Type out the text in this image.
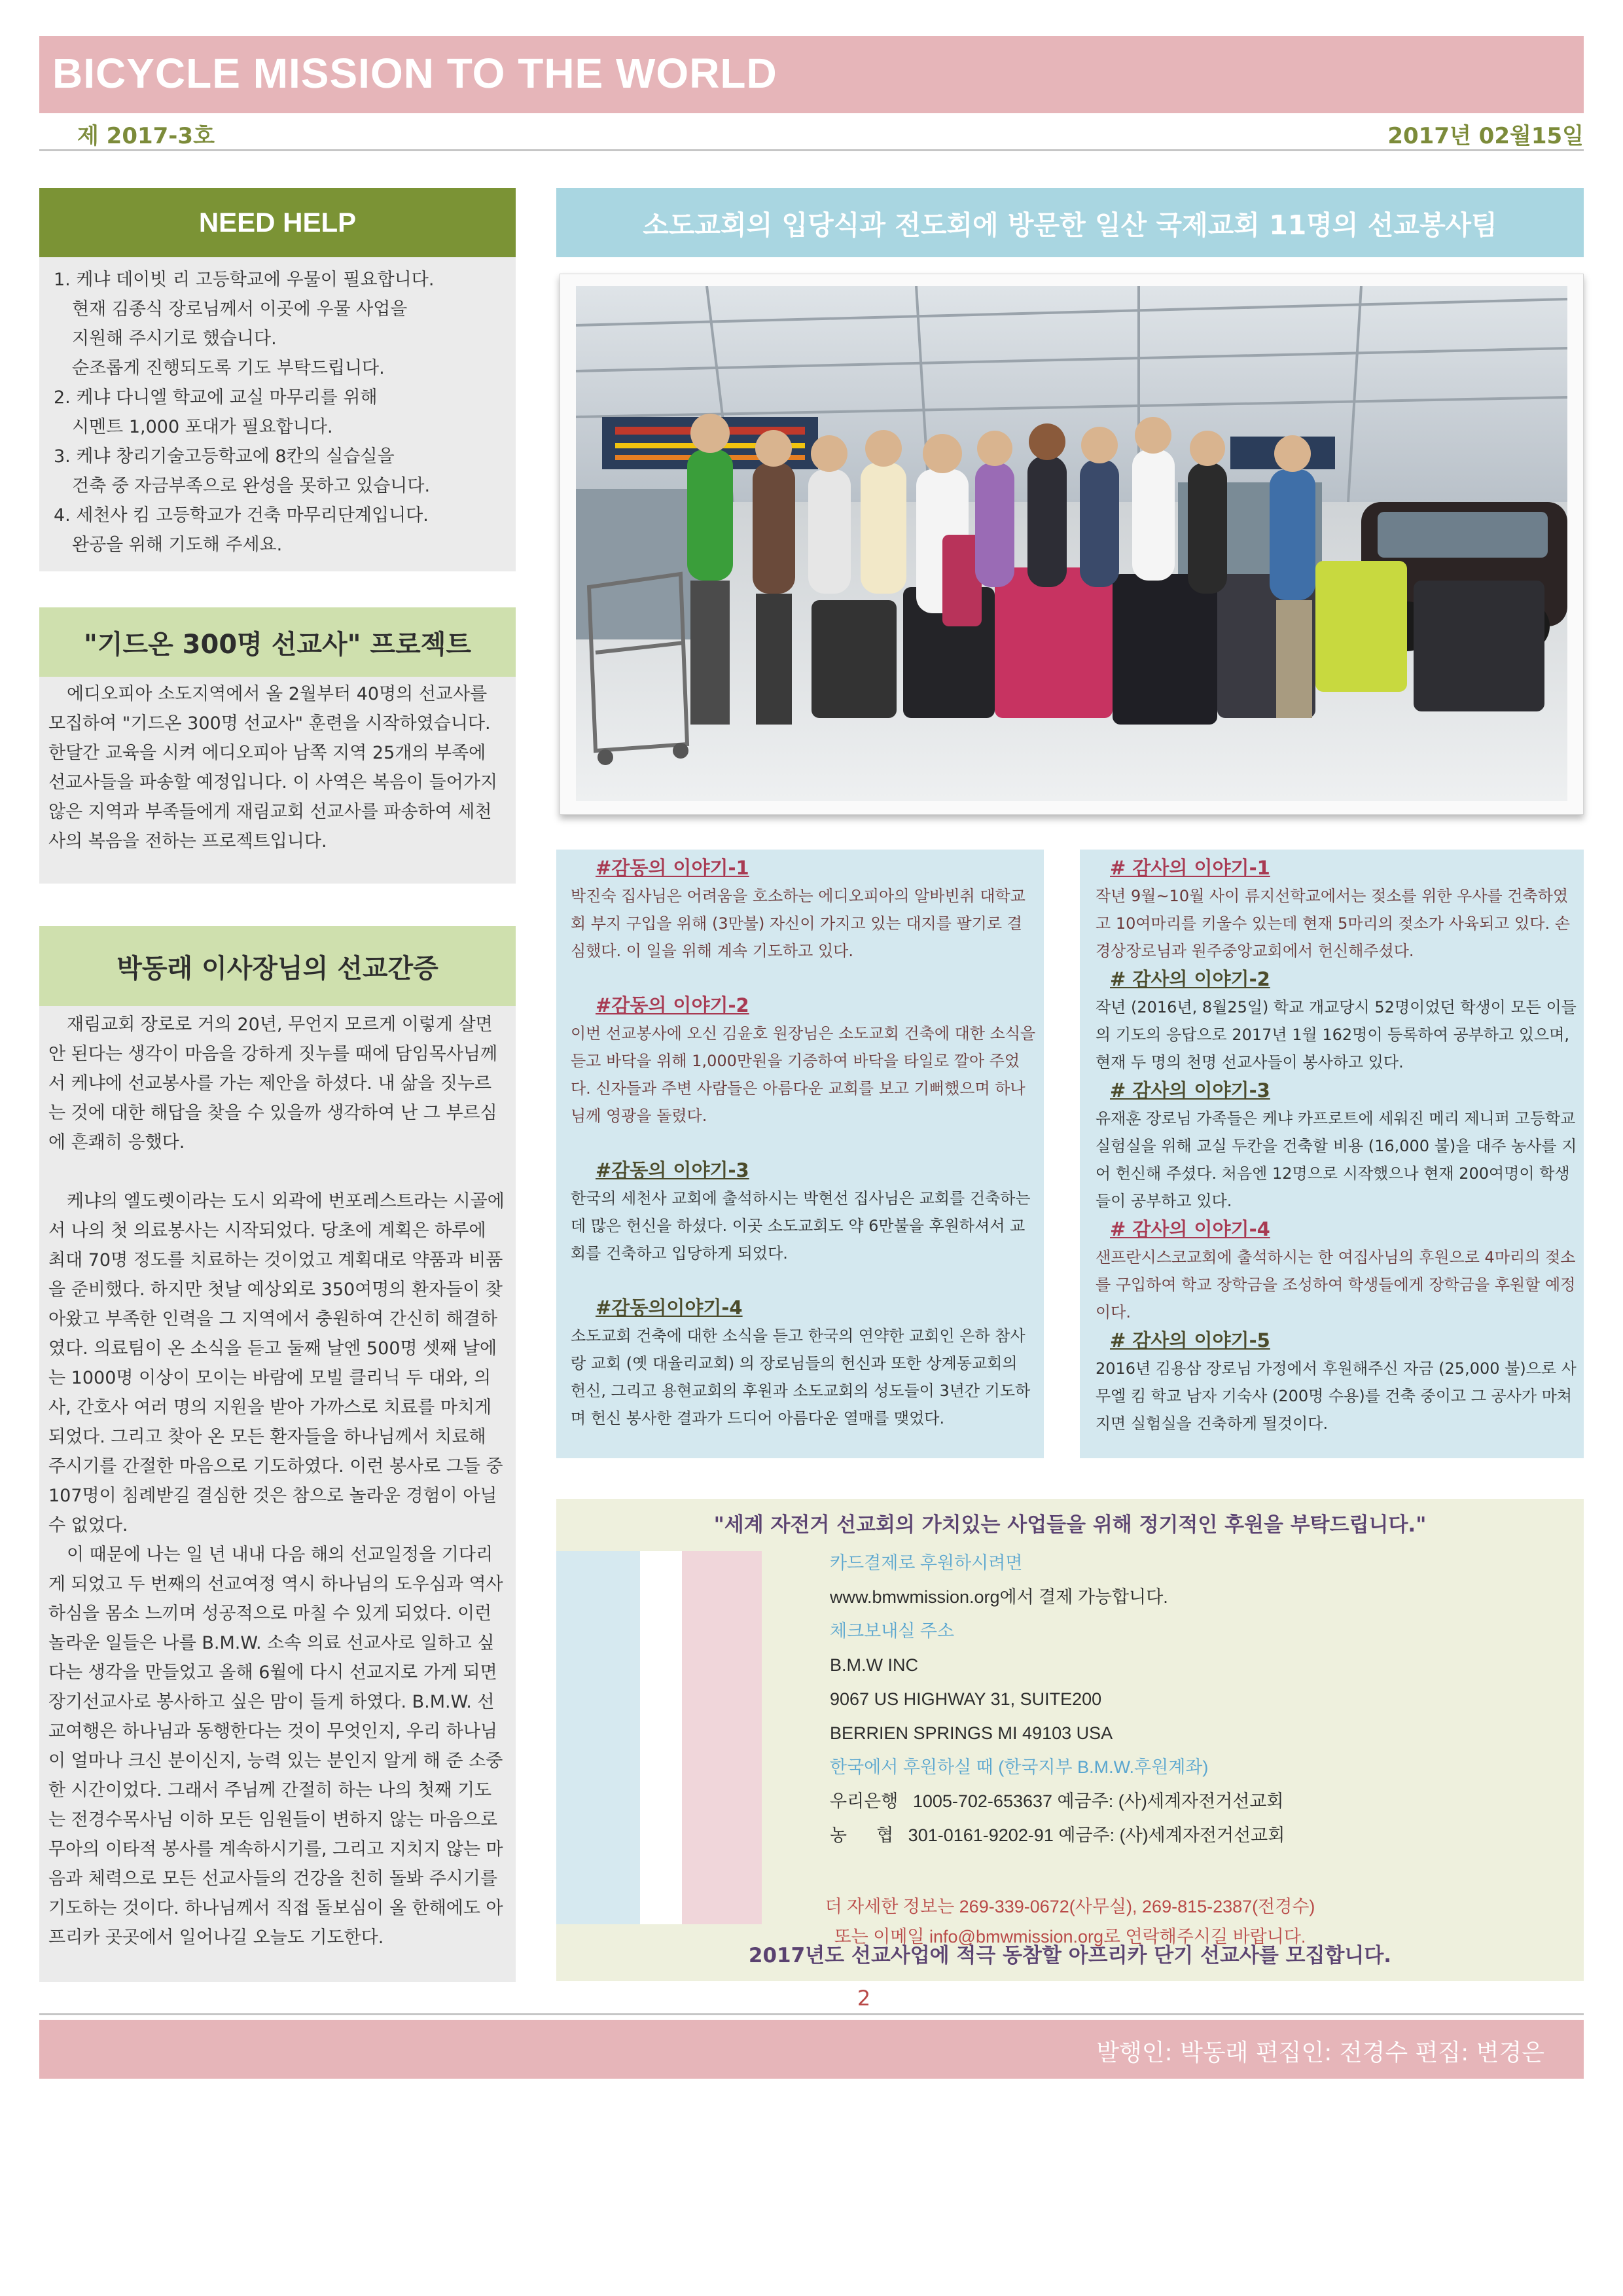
BICYCLE MISSION TO THE WORLD
제 2017-3호	2017년 02월15일
NEED HELP
1. 케냐 데이빗 리 고등학교에 우물이 필요합니다.
현재 김종식 장로님께서 이곳에 우물 사업을
지원해 주시기로 했습니다.
순조롭게 진행되도록 기도 부탁드립니다.
2. 케냐 다니엘 학교에 교실 마무리를 위해
시멘트 1,000 포대가 필요합니다.
3. 케냐 창리기술고등학교에 8칸의 실습실을
건축 중 자금부족으로 완성을 못하고 있습니다.
4. 세천사 킴 고등학교가 건축 마무리단계입니다.
완공을 위해 기도해 주세요.
"기드온 300명 선교사" 프로젝트

에디오피아 소도지역에서 올 2월부터 40명의 선교사를 모집하여 "기드온 300명 선교사" 훈련을 시작하였습니다. 한달간 교육을 시켜 에디오피아 남쪽 지역 25개의 부족에 선교사들을 파송할 예정입니다. 이 사역은 복음이 들어가지 않은 지역과 부족들에게 재림교회 선교사를 파송하여 세천사의 복음을 전하는 프로젝트입니다.

박동래 이사장님의 선교간증

재림교회 장로로 거의 20년, 무언지 모르게 이렇게 살면 안 된다는 생각이 마음을 강하게 짓누를 때에 담임목사님께서 케냐에 선교봉사를 가는 제안을 하셨다. 내 삶을 짓누르는 것에 대한 해답을 찾을 수 있을까 생각하여 난 그 부르심에 흔쾌히 응했다.

케냐의 엘도렛이라는 도시 외곽에 번포레스트라는 시골에서 나의 첫 의료봉사는 시작되었다. 당초에 계획은 하루에 최대 70명 정도를 치료하는 것이었고 계획대로 약품과 비품을 준비했다. 하지만 첫날 예상외로 350여명의 환자들이 찾아왔고 부족한 인력을 그 지역에서 충원하여 간신히 해결하였다. 의료팀이 온 소식을 듣고 둘째 날엔 500명 셋째 날에는 1000명 이상이 모이는 바람에 모빌 클리닉 두 대와, 의사, 간호사 여러 명의 지원을 받아 가까스로 치료를 마치게 되었다. 그리고 찾아 온 모든 환자들을 하나님께서 치료해 주시기를 간절한 마음으로 기도하였다. 이런 봉사로 그들 중 107명이 침례받길 결심한 것은 참으로 놀라운 경험이 아닐 수 없었다.

이 때문에 나는 일 년 내내 다음 해의 선교일정을 기다리게 되었고 두 번째의 선교여정 역시 하나님의 도우심과 역사하심을 몸소 느끼며 성공적으로 마칠 수 있게 되었다. 이런 놀라운 일들은 나를 B.M.W. 소속 의료 선교사로 일하고 싶다는 생각을 만들었고 올해 6월에 다시 선교지로 가게 되면 장기선교사로 봉사하고 싶은 맘이 들게 하였다. B.M.W. 선교여행은 하나님과 동행한다는 것이 무엇인지, 우리 하나님이 얼마나 크신 분이신지, 능력 있는 분인지 알게 해 준 소중한 시간이었다. 그래서 주님께 간절히 하는 나의 첫째 기도는 전경수목사님 이하 모든 임원들이 변하지 않는 마음으로 무아의 이타적 봉사를 계속하시기를, 그리고 지치지 않는 마음과 체력으로 모든 선교사들의 건강을 친히 돌봐 주시기를 기도하는 것이다. 하나님께서 직접 돌보심이 올 한해에도 아프리카 곳곳에서 일어나길 오늘도 기도한다.

소도교회의 입당식과 전도회에 방문한 일산 국제교회 11명의 선교봉사팀
#감동의 이야기-1
박진숙 집사님은 어려움을 호소하는 에디오피아의 알바빈취 대학교회 부지 구입을 위해 (3만불) 자신이 가지고 있는 대지를 팔기로 결심했다. 이 일을 위해 계속 기도하고 있다.
#감동의 이야기-2
이번 선교봉사에 오신 김윤호 원장님은 소도교회 건축에 대한 소식을 듣고 바닥을 위해 1,000만원을 기증하여 바닥을 타일로 깔아 주었다. 신자들과 주변 사람들은 아름다운 교회를 보고 기뻐했으며 하나님께 영광을 돌렸다.
#감동의 이야기-3
한국의 세천사 교회에 출석하시는 박현선 집사님은 교회를 건축하는데 많은 헌신을 하셨다. 이곳 소도교회도 약 6만불을 후원하셔서 교회를 건축하고 입당하게 되었다.
#감동의이야기-4
소도교회 건축에 대한 소식을 듣고 한국의 연약한 교회인 은하 참사랑 교회 (옛 대율리교회) 의 장로님들의 헌신과 또한 상계동교회의 헌신, 그리고 용현교회의 후원과 소도교회의 성도들이 3년간 기도하며 헌신 봉사한 결과가 드디어 아름다운 열매를 맺었다.
# 감사의 이야기-1
작년 9월~10월 사이 류지선학교에서는 젖소를 위한 우사를 건축하였고 10여마리를 키울수 있는데 현재 5마리의 젖소가 사육되고 있다. 손경상장로님과 원주중앙교회에서 헌신해주셨다.
# 감사의 이야기-2
작년 (2016년, 8월25일) 학교 개교당시 52명이었던 학생이 모든 이들의 기도의 응답으로 2017년 1월 162명이 등록하여 공부하고 있으며, 현재 두 명의 천명 선교사들이 봉사하고 있다.
# 감사의 이야기-3
유재훈 장로님 가족들은 케냐 카프로트에 세워진 메리 제니퍼 고등학교 실험실을 위해 교실 두칸을 건축할 비용 (16,000 불)을 대주 농사를 지어 헌신해 주셨다. 처음엔 12명으로 시작했으나 현재 200여명이 학생들이 공부하고 있다.
# 감사의 이야기-4
샌프란시스코교회에 출석하시는 한 여집사님의 후원으로 4마리의 젖소를 구입하여 학교 장학금을 조성하여 학생들에게 장학금을 후원할 예정이다.
# 감사의 이야기-5
2016년 김용삼 장로님 가정에서 후원해주신 자금 (25,000 불)으로 사무엘 킴 학교 남자 기숙사 (200명 수용)를 건축 중이고 그 공사가 마쳐지면 실험실을 건축하게 될것이다.
"세계 자전거 선교회의 가치있는 사업들을 위해 정기적인 후원을 부탁드립니다."
카드결제로 후원하시려면
www.bmwmission.org에서 결제 가능합니다.
체크보내실 주소
B.M.W INC
9067 US HIGHWAY 31, SUITE200
BERRIEN SPRINGS MI 49103 USA
한국에서 후원하실 때 (한국지부 B.M.W.후원계좌)
우리은행   1005-702-653637 예금주: (사)세계자전거선교회
농      협   301-0161-9202-91 예금주: (사)세계자전거선교회
더 자세한 정보는 269-339-0672(사무실), 269-815-2387(전경수)
또는 이메일 info@bmwmission.org로 연락해주시길 바랍니다.
2017년도 선교사업에 적극 동참할 아프리카 단기 선교사를 모집합니다.
2
발행인: 박동래 편집인: 전경수 편집: 변경은
